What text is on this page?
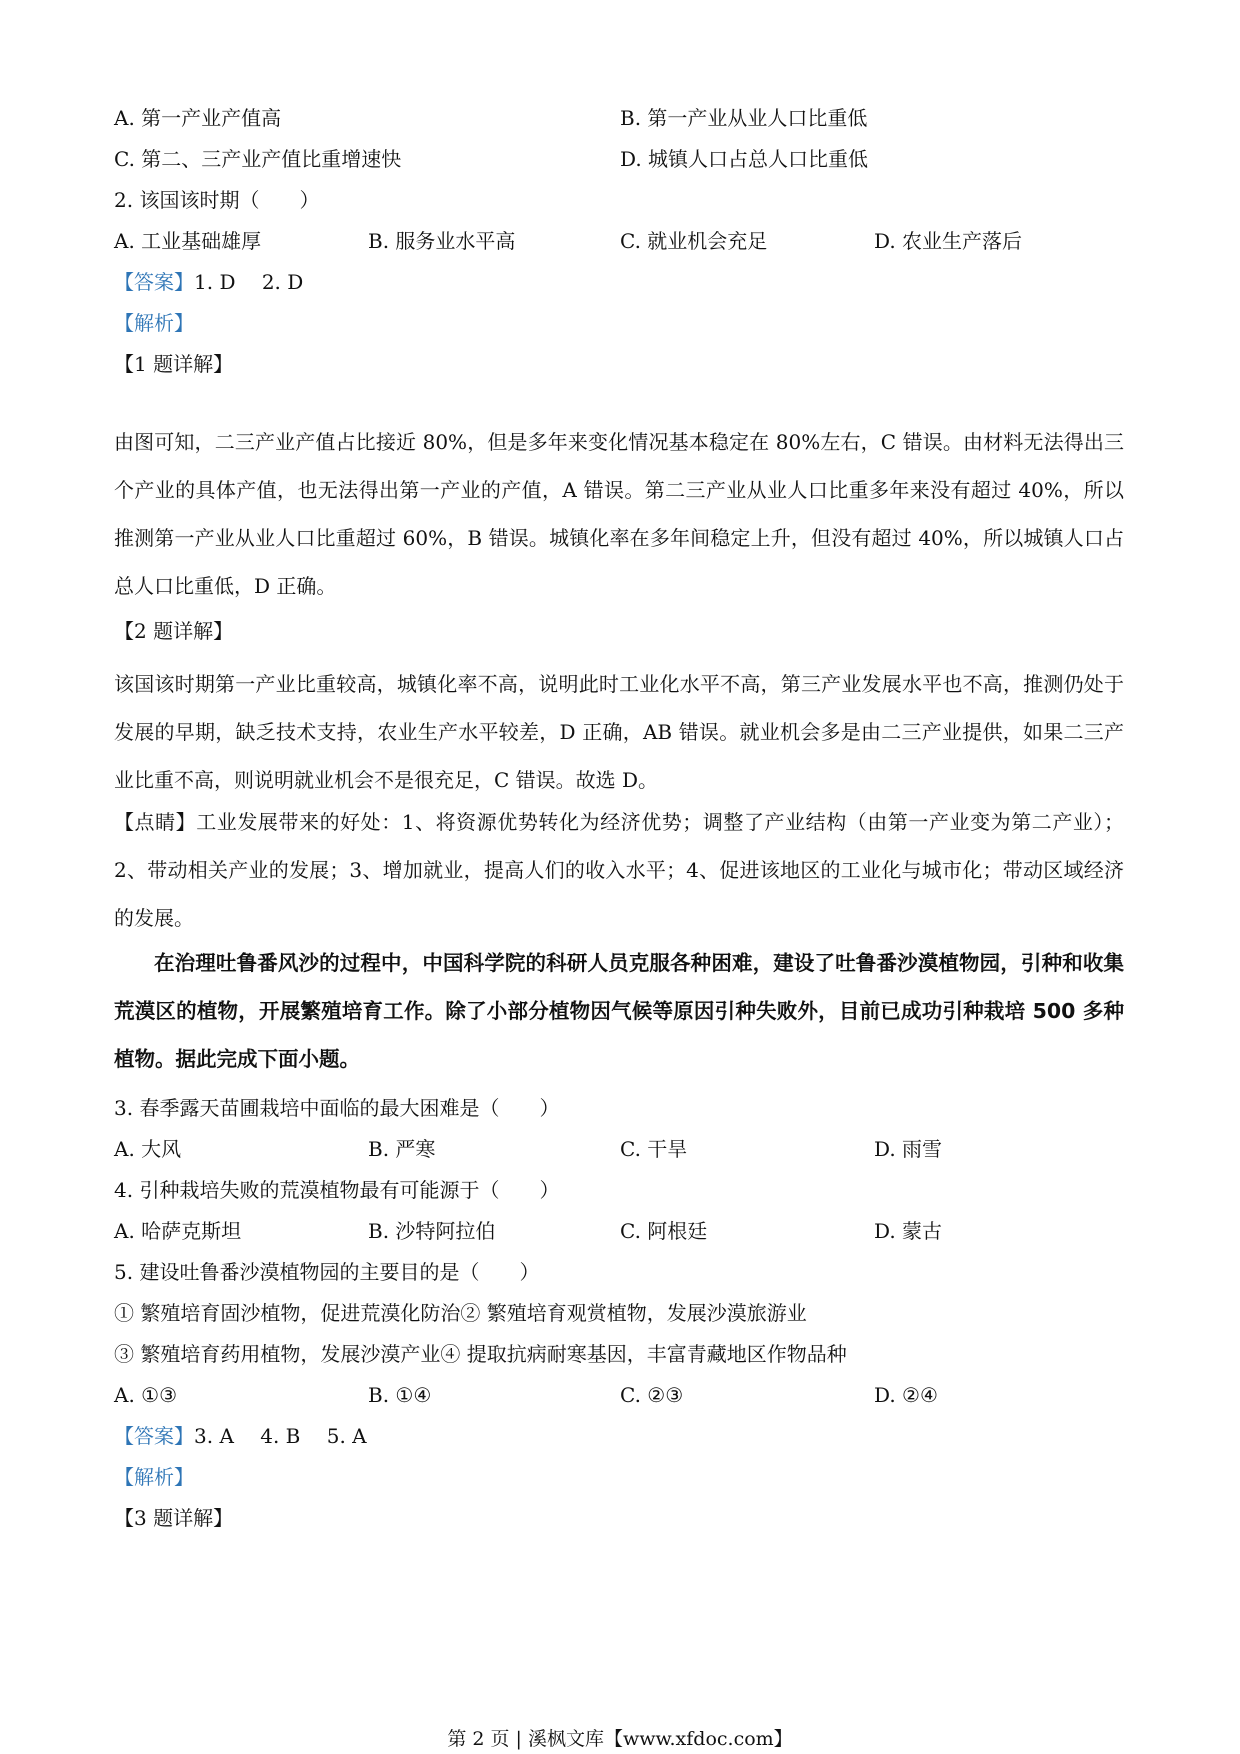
A. 第一产业产值高	B. 第一产业从业人口比重低
C. 第二、三产业产值比重增速快	D. 城镇人口占总人口比重低
2. 该国该时期（　　）
A. 工业基础雄厚	B. 服务业水平高	C. 就业机会充足	D. 农业生产落后
【答案】1. D　 2. D
【解析】
【1 题详解】
由图可知，二三产业产值占比接近 80%，但是多年来变化情况基本稳定在 80%左右，C 错误。由材料无法得出三个产业的具体产值，也无法得出第一产业的产值，A 错误。第二三产业从业人口比重多年来没有超过 40%，所以推测第一产业从业人口比重超过 60%，B 错误。城镇化率在多年间稳定上升，但没有超过 40%，所以城镇人口占总人口比重低，D 正确。
【2 题详解】
该国该时期第一产业比重较高，城镇化率不高，说明此时工业化水平不高，第三产业发展水平也不高，推测仍处于发展的早期，缺乏技术支持，农业生产水平较差，D 正确，AB 错误。就业机会多是由二三产业提供，如果二三产业比重不高，则说明就业机会不是很充足，C 错误。故选 D。
【点睛】工业发展带来的好处：1、将资源优势转化为经济优势；调整了产业结构（由第一产业变为第二产业）；2、带动相关产业的发展；3、增加就业，提高人们的收入水平；4、促进该地区的工业化与城市化；带动区域经济的发展。
在治理吐鲁番风沙的过程中，中国科学院的科研人员克服各种困难，建设了吐鲁番沙漠植物园，引种和收集荒漠区的植物，开展繁殖培育工作。除了小部分植物因气候等原因引种失败外，目前已成功引种栽培 500 多种植物。据此完成下面小题。
3. 春季露天苗圃栽培中面临的最大困难是（　　）
A. 大风	B. 严寒	C. 干旱	D. 雨雪
4. 引种栽培失败的荒漠植物最有可能源于（　　）
A. 哈萨克斯坦	B. 沙特阿拉伯	C. 阿根廷	D. 蒙古
5. 建设吐鲁番沙漠植物园的主要目的是（　　）
① 繁殖培育固沙植物，促进荒漠化防治② 繁殖培育观赏植物，发展沙漠旅游业
③ 繁殖培育药用植物，发展沙漠产业④ 提取抗病耐寒基因，丰富青藏地区作物品种
A. ①③	B. ①④	C. ②③	D. ②④
【答案】3. A　 4. B　 5. A
【解析】
【3 题详解】
第 2 页 | 溪枫文库【www.xfdoc.com】
